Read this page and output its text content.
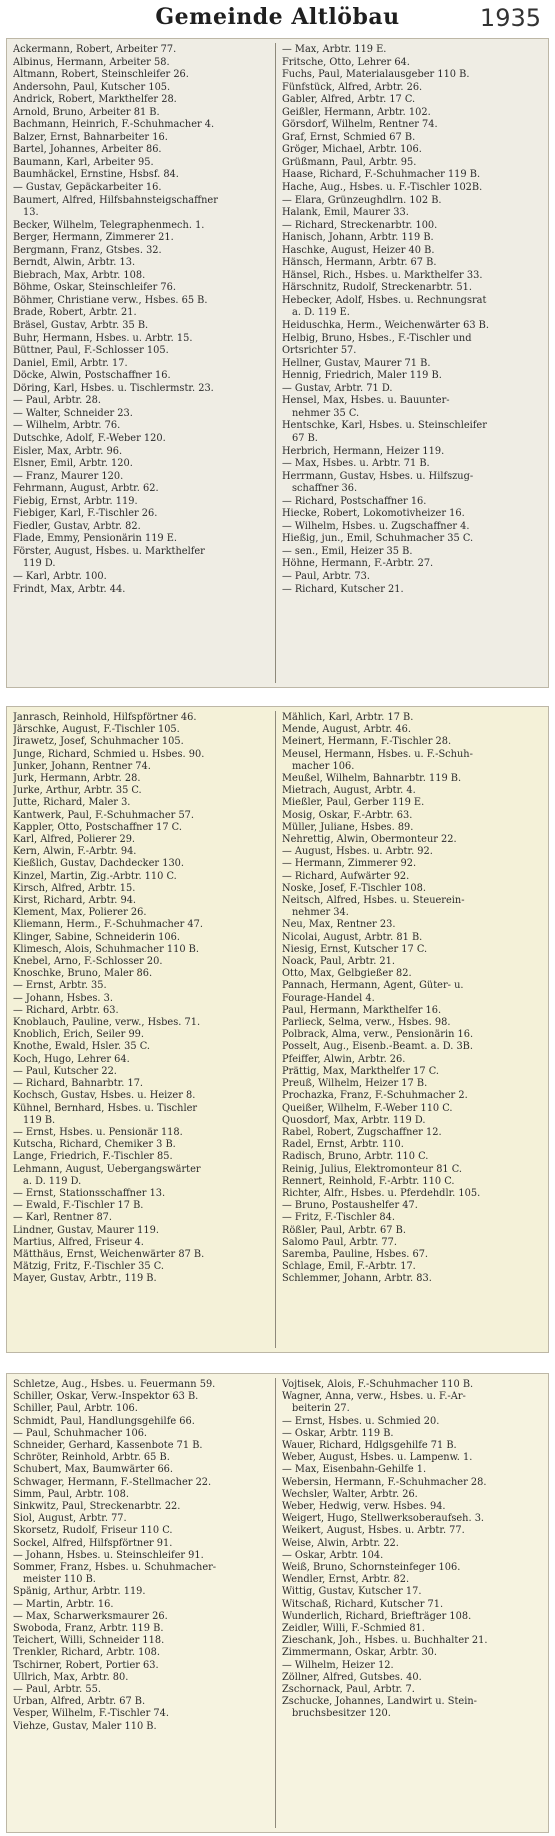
Gemeinde Altlöbau	1935
Ackermann, Robert, Arbeiter 77.
Albinus, Hermann, Arbeiter 58.
Altmann, Robert, Steinschleifer 26.
Andersohn, Paul, Kutscher 105.
Andrick, Robert, Markthelfer 28.
Arnold, Bruno, Arbeiter 81 B.
Bachmann, Heinrich, F.-Schuhmacher 4.
Balzer, Ernst, Bahnarbeiter 16.
Bartel, Johannes, Arbeiter 86.
Baumann, Karl, Arbeiter 95.
Baumhäckel, Ernstine, Hsbsf. 84.
— Gustav, Gepäckarbeiter 16.
Baumert, Alfred, Hilfsbahnsteigschaffner
13.
Becker, Wilhelm, Telegraphenmech. 1.
Berger, Hermann, Zimmerer 21.
Bergmann, Franz, Gtsbes. 32.
Berndt, Alwin, Arbtr. 13.
Biebrach, Max, Arbtr. 108.
Böhme, Oskar, Steinschleifer 76.
Böhmer, Christiane verw., Hsbes. 65 B.
Brade, Robert, Arbtr. 21.
Bräsel, Gustav, Arbtr. 35 B.
Buhr, Hermann, Hsbes. u. Arbtr. 15.
Büttner, Paul, F.-Schlosser 105.
Daniel, Emil, Arbtr. 17.
Döcke, Alwin, Postschaffner 16.
Döring, Karl, Hsbes. u. Tischlermstr. 23.
— Paul, Arbtr. 28.
— Walter, Schneider 23.
— Wilhelm, Arbtr. 76.
Dutschke, Adolf, F.-Weber 120.
Eisler, Max, Arbtr. 96.
Elsner, Emil, Arbtr. 120.
— Franz, Maurer 120.
Fehrmann, August, Arbtr. 62.
Fiebig, Ernst, Arbtr. 119.
Fiebiger, Karl, F.-Tischler 26.
Fiedler, Gustav, Arbtr. 82.
Flade, Emmy, Pensionärin 119 E.
Förster, August, Hsbes. u. Markthelfer
119 D.
— Karl, Arbtr. 100.
Frindt, Max, Arbtr. 44.
— Max, Arbtr. 119 E.
Fritsche, Otto, Lehrer 64.
Fuchs, Paul, Materialausgeber 110 B.
Fünfstück, Alfred, Arbtr. 26.
Gabler, Alfred, Arbtr. 17 C.
Geißler, Hermann, Arbtr. 102.
Görsdorf, Wilhelm, Rentner 74.
Graf, Ernst, Schmied 67 B.
Gröger, Michael, Arbtr. 106.
Grüßmann, Paul, Arbtr. 95.
Haase, Richard, F.-Schuhmacher 119 B.
Hache, Aug., Hsbes. u. F.-Tischler 102B.
— Elara, Grünzeughdlrn. 102 B.
Halank, Emil, Maurer 33.
— Richard, Streckenarbtr. 100.
Hanisch, Johann, Arbtr. 119 B.
Haschke, August, Heizer 40 B.
Hänsch, Hermann, Arbtr. 67 B.
Hänsel, Rich., Hsbes. u. Markthelfer 33.
Härschnitz, Rudolf, Streckenarbtr. 51.
Hebecker, Adolf, Hsbes. u. Rechnungsrat
a. D. 119 E.
Heiduschka, Herm., Weichenwärter 63 B.
Helbig, Bruno, Hsbes., F.-Tischler und
Ortsrichter 57.
Hellner, Gustav, Maurer 71 B.
Hennig, Friedrich, Maler 119 B.
— Gustav, Arbtr. 71 D.
Hensel, Max, Hsbes. u. Bauunter-
nehmer 35 C.
Hentschke, Karl, Hsbes. u. Steinschleifer
67 B.
Herbrich, Hermann, Heizer 119.
— Max, Hsbes. u. Arbtr. 71 B.
Herrmann, Gustav, Hsbes. u. Hilfszug-
schaffner 36.
— Richard, Postschaffner 16.
Hiecke, Robert, Lokomotivheizer 16.
— Wilhelm, Hsbes. u. Zugschaffner 4.
Hießig, jun., Emil, Schuhmacher 35 C.
— sen., Emil, Heizer 35 B.
Höhne, Hermann, F.-Arbtr. 27.
— Paul, Arbtr. 73.
— Richard, Kutscher 21.
Janrasch, Reinhold, Hilfspförtner 46.
Järschke, August, F.-Tischler 105.
Jirawetz, Josef, Schuhmacher 105.
Junge, Richard, Schmied u. Hsbes. 90.
Junker, Johann, Rentner 74.
Jurk, Hermann, Arbtr. 28.
Jurke, Arthur, Arbtr. 35 C.
Jutte, Richard, Maler 3.
Kantwerk, Paul, F.-Schuhmacher 57.
Kappler, Otto, Postschaffner 17 C.
Karl, Alfred, Polierer 29.
Kern, Alwin, F.-Arbtr. 94.
Kießlich, Gustav, Dachdecker 130.
Kinzel, Martin, Zig.-Arbtr. 110 C.
Kirsch, Alfred, Arbtr. 15.
Kirst, Richard, Arbtr. 94.
Klement, Max, Polierer 26.
Kliemann, Herm., F.-Schuhmacher 47.
Klinger, Sabine, Schneiderin 106.
Klimesch, Alois, Schuhmacher 110 B.
Knebel, Arno, F.-Schlosser 20.
Knoschke, Bruno, Maler 86.
— Ernst, Arbtr. 35.
— Johann, Hsbes. 3.
— Richard, Arbtr. 63.
Knoblauch, Pauline, verw., Hsbes. 71.
Knoblich, Erich, Seiler 99.
Knothe, Ewald, Hsler. 35 C.
Koch, Hugo, Lehrer 64.
— Paul, Kutscher 22.
— Richard, Bahnarbtr. 17.
Kochsch, Gustav, Hsbes. u. Heizer 8.
Kühnel, Bernhard, Hsbes. u. Tischler
119 B.
— Ernst, Hsbes. u. Pensionär 118.
Kutscha, Richard, Chemiker 3 B.
Lange, Friedrich, F.-Tischler 85.
Lehmann, August, Uebergangswärter
a. D. 119 D.
— Ernst, Stationsschaffner 13.
— Ewald, F.-Tischler 17 B.
— Karl, Rentner 87.
Lindner, Gustav, Maurer 119.
Martius, Alfred, Friseur 4.
Mätthäus, Ernst, Weichenwärter 87 B.
Mätzig, Fritz, F.-Tischler 35 C.
Mayer, Gustav, Arbtr., 119 B.
Mählich, Karl, Arbtr. 17 B.
Mende, August, Arbtr. 46.
Meinert, Hermann, F.-Tischler 28.
Meusel, Hermann, Hsbes. u. F.-Schuh-
macher 106.
Meußel, Wilhelm, Bahnarbtr. 119 B.
Mietrach, August, Arbtr. 4.
Mießler, Paul, Gerber 119 E.
Mosig, Oskar, F.-Arbtr. 63.
Müller, Juliane, Hsbes. 89.
Nehrettig, Alwin, Obermonteur 22.
— August, Hsbes. u. Arbtr. 92.
— Hermann, Zimmerer 92.
— Richard, Aufwärter 92.
Noske, Josef, F.-Tischler 108.
Neitsch, Alfred, Hsbes. u. Steuerein-
nehmer 34.
Neu, Max, Rentner 23.
Nicolai, August, Arbtr. 81 B.
Niesig, Ernst, Kutscher 17 C.
Noack, Paul, Arbtr. 21.
Otto, Max, Gelbgießer 82.
Pannach, Hermann, Agent, Güter- u.
Fourage-Handel 4.
Paul, Hermann, Markthelfer 16.
Parlieck, Selma, verw., Hsbes. 98.
Polbrack, Alma, verw., Pensionärin 16.
Posselt, Aug., Eisenb.-Beamt. a. D. 3B.
Pfeiffer, Alwin, Arbtr. 26.
Prättig, Max, Markthelfer 17 C.
Preuß, Wilhelm, Heizer 17 B.
Prochazka, Franz, F.-Schuhmacher 2.
Queißer, Wilhelm, F.-Weber 110 C.
Quosdorf, Max, Arbtr. 119 D.
Rabel, Robert, Zugschaffner 12.
Radel, Ernst, Arbtr. 110.
Radisch, Bruno, Arbtr. 110 C.
Reinig, Julius, Elektromonteur 81 C.
Rennert, Reinhold, F.-Arbtr. 110 C.
Richter, Alfr., Hsbes. u. Pferdehdlr. 105.
— Bruno, Postaushelfer 47.
— Fritz, F.-Tischler 84.
Rößler, Paul, Arbtr. 67 B.
Salomo Paul, Arbtr. 77.
Saremba, Pauline, Hsbes. 67.
Schlage, Emil, F.-Arbtr. 17.
Schlemmer, Johann, Arbtr. 83.
Schletze, Aug., Hsbes. u. Feuermann 59.
Schiller, Oskar, Verw.-Inspektor 63 B.
Schiller, Paul, Arbtr. 106.
Schmidt, Paul, Handlungsgehilfe 66.
— Paul, Schuhmacher 106.
Schneider, Gerhard, Kassenbote 71 B.
Schröter, Reinhold, Arbtr. 65 B.
Schubert, Max, Baumwärter 66.
Schwager, Hermann, F.-Stellmacher 22.
Simm, Paul, Arbtr. 108.
Sinkwitz, Paul, Streckenarbtr. 22.
Siol, August, Arbtr. 77.
Skorsetz, Rudolf, Friseur 110 C.
Sockel, Alfred, Hilfspförtner 91.
— Johann, Hsbes. u. Steinschleifer 91.
Sommer, Franz, Hsbes. u. Schuhmacher-
meister 110 B.
Spänig, Arthur, Arbtr. 119.
— Martin, Arbtr. 16.
— Max, Scharwerksmaurer 26.
Swoboda, Franz, Arbtr. 119 B.
Teichert, Willi, Schneider 118.
Trenkler, Richard, Arbtr. 108.
Tschirner, Robert, Portier 63.
Ullrich, Max, Arbtr. 80.
— Paul, Arbtr. 55.
Urban, Alfred, Arbtr. 67 B.
Vesper, Wilhelm, F.-Tischler 74.
Viehze, Gustav, Maler 110 B.
Vojtisek, Alois, F.-Schuhmacher 110 B.
Wagner, Anna, verw., Hsbes. u. F.-Ar-
beiterin 27.
— Ernst, Hsbes. u. Schmied 20.
— Oskar, Arbtr. 119 B.
Wauer, Richard, Hdlgsgehilfe 71 B.
Weber, August, Hsbes. u. Lampenw. 1.
— Max, Eisenbahn-Gehilfe 1.
Webersin, Hermann, F.-Schuhmacher 28.
Wechsler, Walter, Arbtr. 26.
Weber, Hedwig, verw. Hsbes. 94.
Weigert, Hugo, Stellwerksoberaufseh. 3.
Weikert, August, Hsbes. u. Arbtr. 77.
Weise, Alwin, Arbtr. 22.
— Oskar, Arbtr. 104.
Weiß, Bruno, Schornsteinfeger 106.
Wendler, Ernst, Arbtr. 82.
Wittig, Gustav, Kutscher 17.
Witschaß, Richard, Kutscher 71.
Wunderlich, Richard, Briefträger 108.
Zeidler, Willi, F.-Schmied 81.
Zieschank, Joh., Hsbes. u. Buchhalter 21.
Zimmermann, Oskar, Arbtr. 30.
— Wilhelm, Heizer 12.
Zöllner, Alfred, Gutsbes. 40.
Zschornack, Paul, Arbtr. 7.
Zschucke, Johannes, Landwirt u. Stein-
bruchsbesitzer 120.
